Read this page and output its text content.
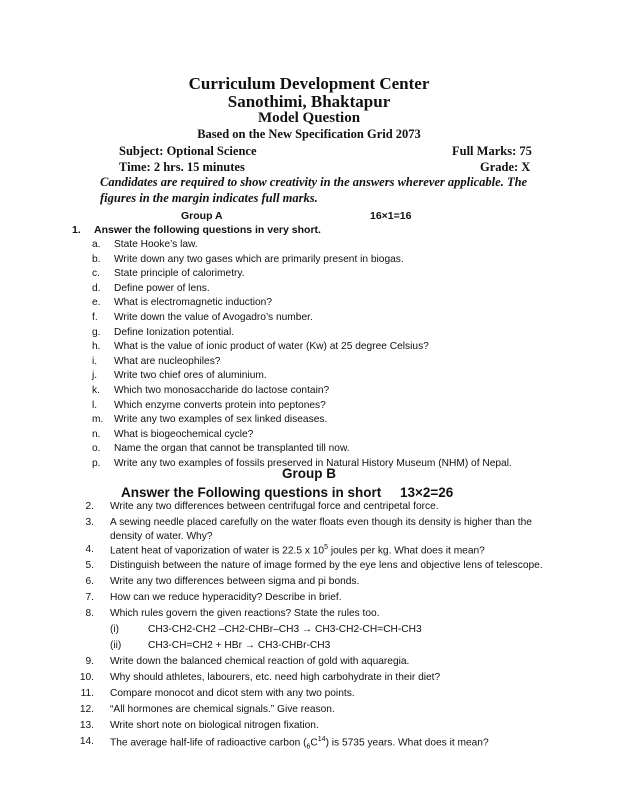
Curriculum Development Center
Sanothimi, Bhaktapur
Model Question
Based on the New Specification Grid 2073
Subject: Optional Science	Full Marks: 75
Time: 2 hrs. 15 minutes	Grade: X
Candidates are required to show creativity in the answers wherever applicable. The figures in the margin indicates full marks.
Group A	16×1=16
1. Answer the following questions in very short.
a. State Hooke’s law.
b. Write down any two gases which are primarily present in biogas.
c. State principle of calorimetry.
d. Define power of lens.
e. What is electromagnetic induction?
f. Write down the value of Avogadro’s number.
g. Define Ionization potential.
h. What is the value of ionic product of water (Kw) at 25 degree Celsius?
i. What are nucleophiles?
j. Write two chief ores of aluminium.
k. Which two monosaccharide do lactose contain?
l. Which enzyme converts protein into peptones?
m. Write any two examples of sex linked diseases.
n. What is biogeochemical cycle?
o. Name the organ that cannot be transplanted till now.
p. Write any two examples of fossils preserved in Natural History Museum (NHM) of Nepal.
Group B
Answer the Following questions in short 13×2=26
2. Write any two differences between centrifugal force and centripetal force.
3. A sewing needle placed carefully on the water floats even though its density is higher than the
density of water. Why?
4. Latent heat of vaporization of water is 22.5 x $10^5$ joules per kg. What does it mean?
5. Distinguish between the nature of image formed by the eye lens and objective lens of telescope.
6. Write any two differences between sigma and pi bonds.
7. How can we reduce hyperacidity? Describe in brief.
8. Which rules govern the given reactions? State the rules too.
(i)	CH3-CH2-CH2 –CH2-CHBr–CH3 → CH3-CH2-CH=CH-CH3
(ii)	CH3-CH=CH2 + HBr → CH3-CHBr-CH3
9. Write down the balanced chemical reaction of gold with aquaregia.
10. Why should athletes, labourers, etc. need high carbohydrate in their diet?
11. Compare monocot and dicot stem with any two points.
12. “All hormones are chemical signals.” Give reason.
13. Write short note on biological nitrogen fixation.
14. The average half-life of radioactive carbon $(_6C^{14})$ is 5735 years. What does it mean?
